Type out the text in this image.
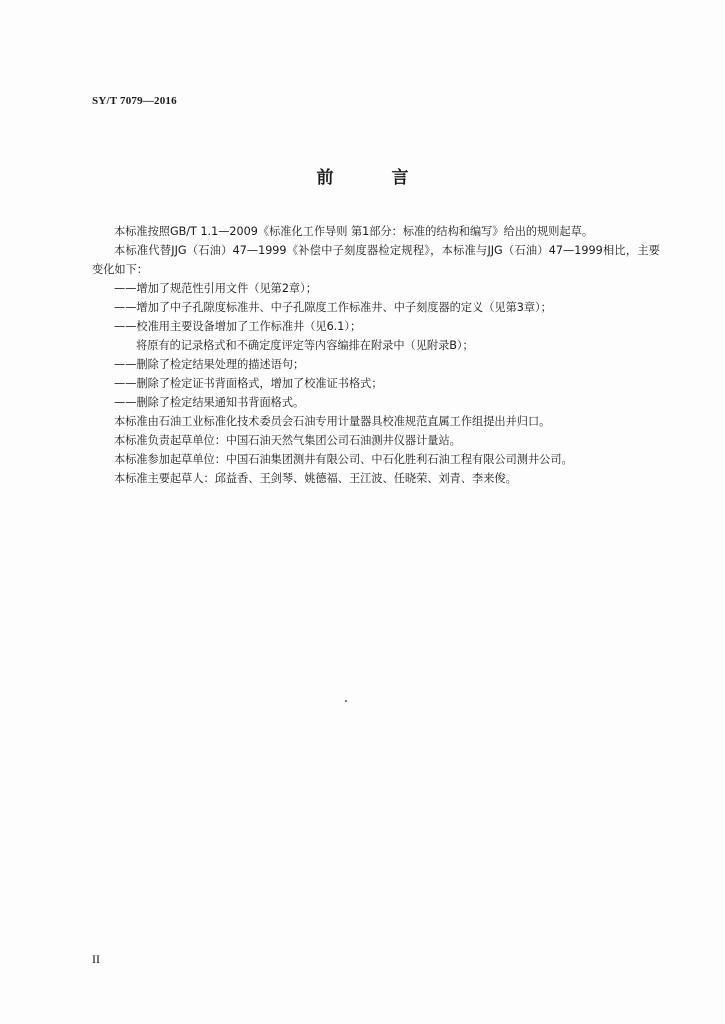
SY/T 7079—2016
前 言

本标准按照GB/T 1.1—2009《标准化工作导则 第1部分：标准的结构和编写》给出的规则起草。

本标准代替JJG（石油）47—1999《补偿中子刻度器检定规程》，本标准与JJG（石油）47—1999相比，主要变化如下：

——增加了规范性引用文件（见第2章）；

——增加了中子孔隙度标准井、中子孔隙度工作标准井、中子刻度器的定义（见第3章）；

——校准用主要设备增加了工作标准井（见6.1）；

将原有的记录格式和不确定度评定等内容编排在附录中（见附录B）；

——删除了检定结果处理的描述语句；

——删除了检定证书背面格式，增加了校准证书格式；

——删除了检定结果通知书背面格式。

本标准由石油工业标准化技术委员会石油专用计量器具校准规范直属工作组提出并归口。

本标准负责起草单位：中国石油天然气集团公司石油测井仪器计量站。

本标准参加起草单位：中国石油集团测井有限公司、中石化胜利石油工程有限公司测井公司。

本标准主要起草人：邱益香、王剑琴、姚德福、王江波、任晓荣、刘青、李来俊。

II
